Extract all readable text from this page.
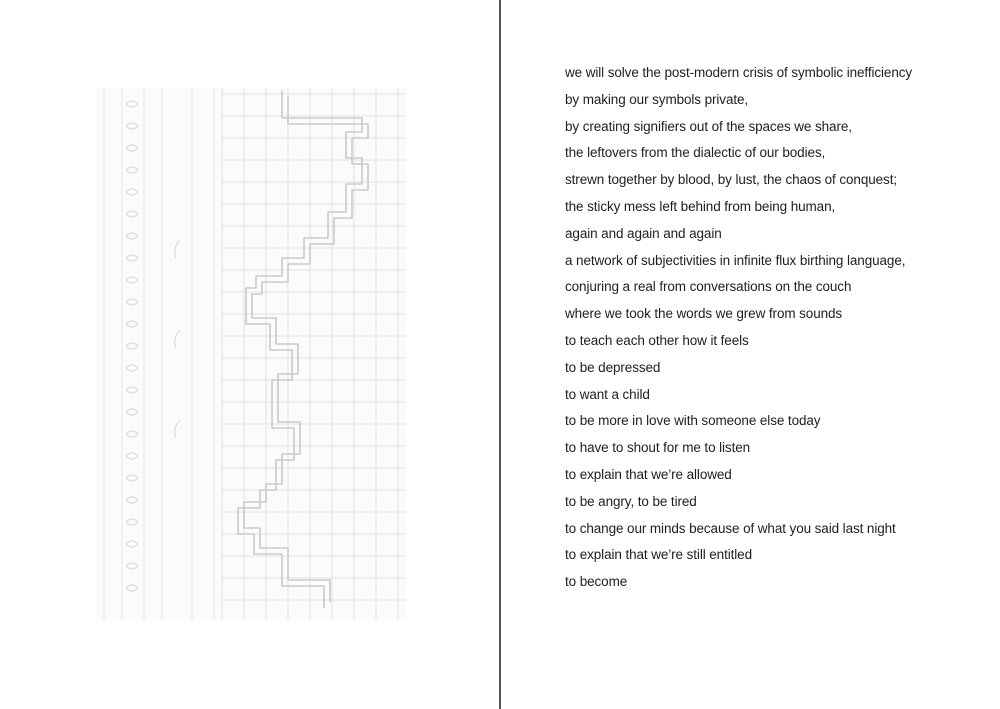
we will solve the post-modern crisis of symbolic inefficiency
by making our symbols private,
by creating signifiers out of the spaces we share,
the leftovers from the dialectic of our bodies,
strewn together by blood, by lust, the chaos of conquest;
the sticky mess left behind from being human,
again and again and again
a network of subjectivities in infinite flux birthing language,
conjuring a real from conversations on the couch
where we took the words we grew from sounds
to teach each other how it feels
to be depressed
to want a child
to be more in love with someone else today
to have to shout for me to listen
to explain that we’re allowed
to be angry, to be tired
to change our minds because of what you said last night
to explain that we’re still entitled
to become
